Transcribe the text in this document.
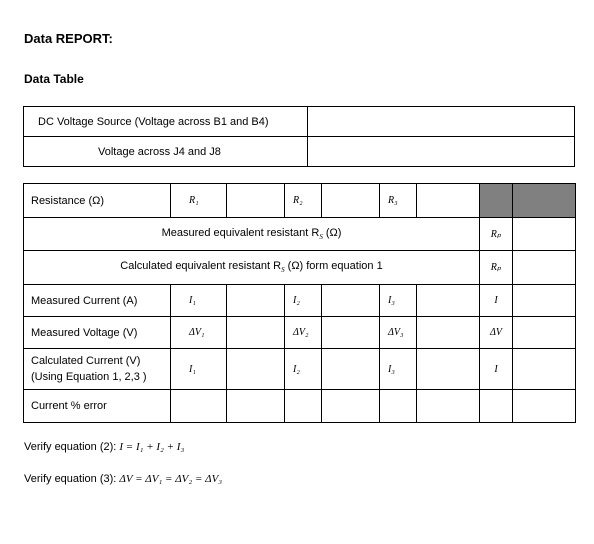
Data REPORT:
Data Table
DC Voltage Source (Voltage across B1 and B4)	
Voltage across J4 and J8	
Resistance (Ω)	R₁		R₂		R₃			
Measured equivalent resistant $R_S$ (Ω)							Rₚ	
Calculated equivalent resistant $R_S$ (Ω) form equation 1							Rₚ	
Measured Current (A)	I₁		I₂		I₃		I	
Measured Voltage (V)	ΔV₁		ΔV₂		ΔV₃		ΔV	

Calculated Current (V)
(Using Equation 1, 2,3 )	I₁		I₂		I₃		I	
Current % error								
Verify equation (2): I = I₁ + I₂ + I₃
Verify equation (3): ΔV = ΔV₁ = ΔV₂ = ΔV₃
